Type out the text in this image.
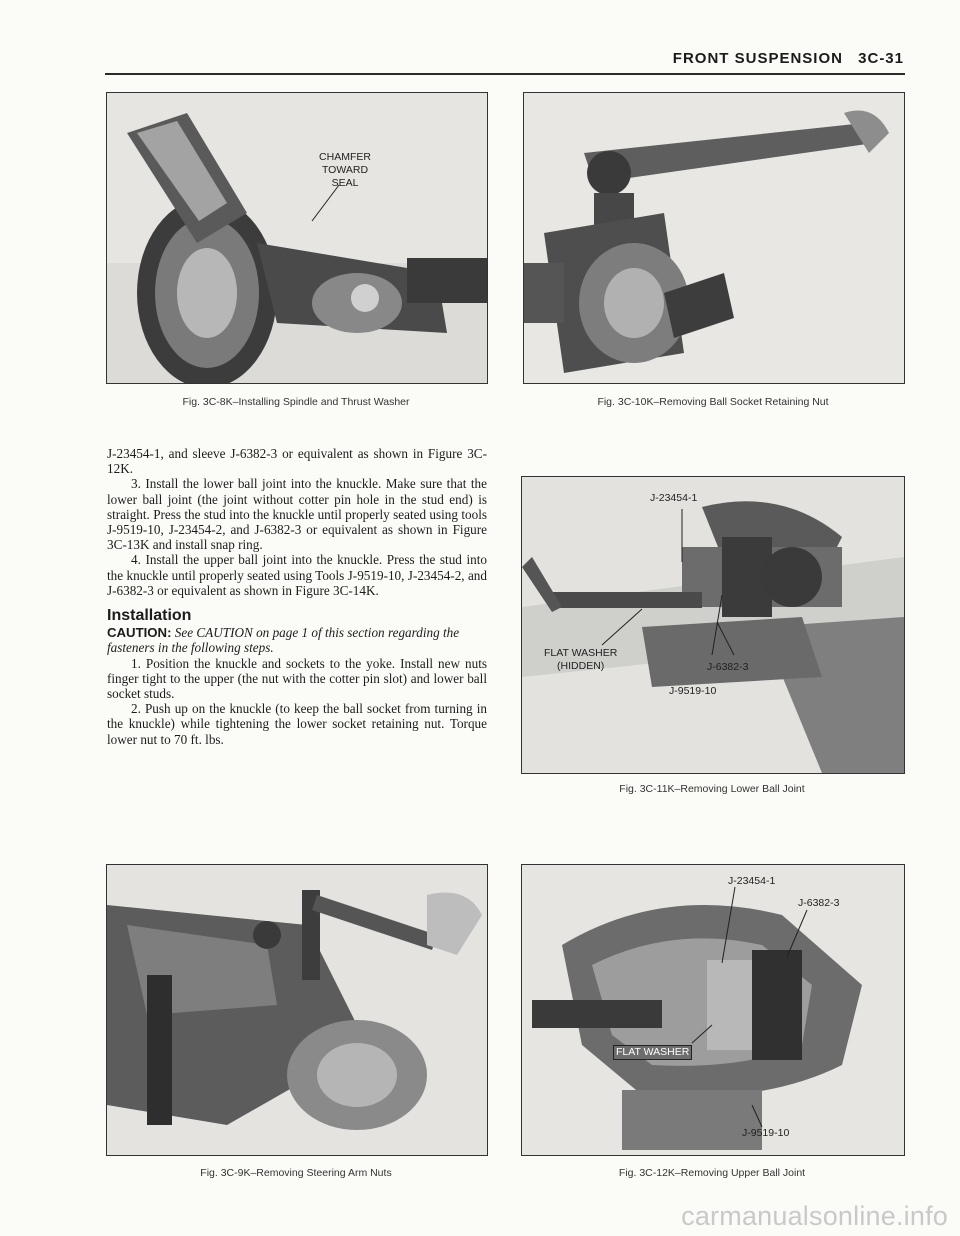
FRONT SUSPENSION 3C-31
CHAMFER
TOWARD
SEAL
Fig. 3C-8K–Installing Spindle and Thrust Washer	Fig. 3C-10K–Removing Ball Socket Retaining Nut

J-23454-1, and sleeve J-6382-3 or equivalent as shown in Figure 3C-12K.

3. Install the lower ball joint into the knuckle. Make sure that the lower ball joint (the joint without cotter pin hole in the stud end) is straight. Press the stud into the knuckle until properly seated using tools J-9519-10, J-23454-2, and J-6382-3 or equivalent as shown in Figure 3C-13K and install snap ring.

4. Install the upper ball joint into the knuckle. Press the stud into the knuckle until properly seated using Tools J-9519-10, J-23454-2, and J-6382-3 or equivalent as shown in Figure 3C-14K.

Installation

CAUTION: See CAUTION on page 1 of this section regarding the fasteners in the following steps.

1. Position the knuckle and sockets to the yoke. Install new nuts finger tight to the upper (the nut with the cotter pin slot) and lower ball socket studs.

2. Push up on the knuckle (to keep the ball socket from turning in the knuckle) while tightening the lower socket retaining nut. Torque lower nut to 70 ft. lbs.

J-23454-1
FLAT WASHER
(HIDDEN)	J-6382-3
J-9519-10
Fig. 3C-11K–Removing Lower Ball Joint
Fig. 3C-9K–Removing Steering Arm Nuts
J-23454-1
J-6382-3
FLAT WASHER
J-9519-10
Fig. 3C-12K–Removing Upper Ball Joint
carmanualsonline.info
